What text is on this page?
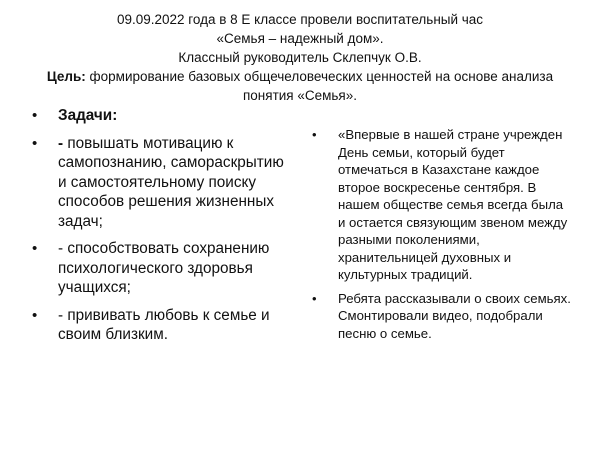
09.09.2022 года в 8 Е классе провели воспитательный час
«Семья – надежный дом».
Классный руководитель Склепчук О.В.
Цель: формирование базовых общечеловеческих ценностей на основе анализа понятия «Семья».

•	Задачи:

•	- повышать мотивацию к самопознанию, самораскрытию и самостоятельному поиску способов решения жизненных задач;

•	- способствовать сохранению психологического здоровья учащихся;

•	- прививать любовь к семье и своим близким.

•	«Впервые в нашей стране учрежден День семьи, который будет отмечаться в Казахстане каждое второе воскресенье сентября. В нашем обществе семья всегда была и остается связующим звеном между разными поколениями, хранительницей духовных и культурных традиций.

•	Ребята рассказывали о своих семьях. Смонтировали видео, подобрали песню о семье.
